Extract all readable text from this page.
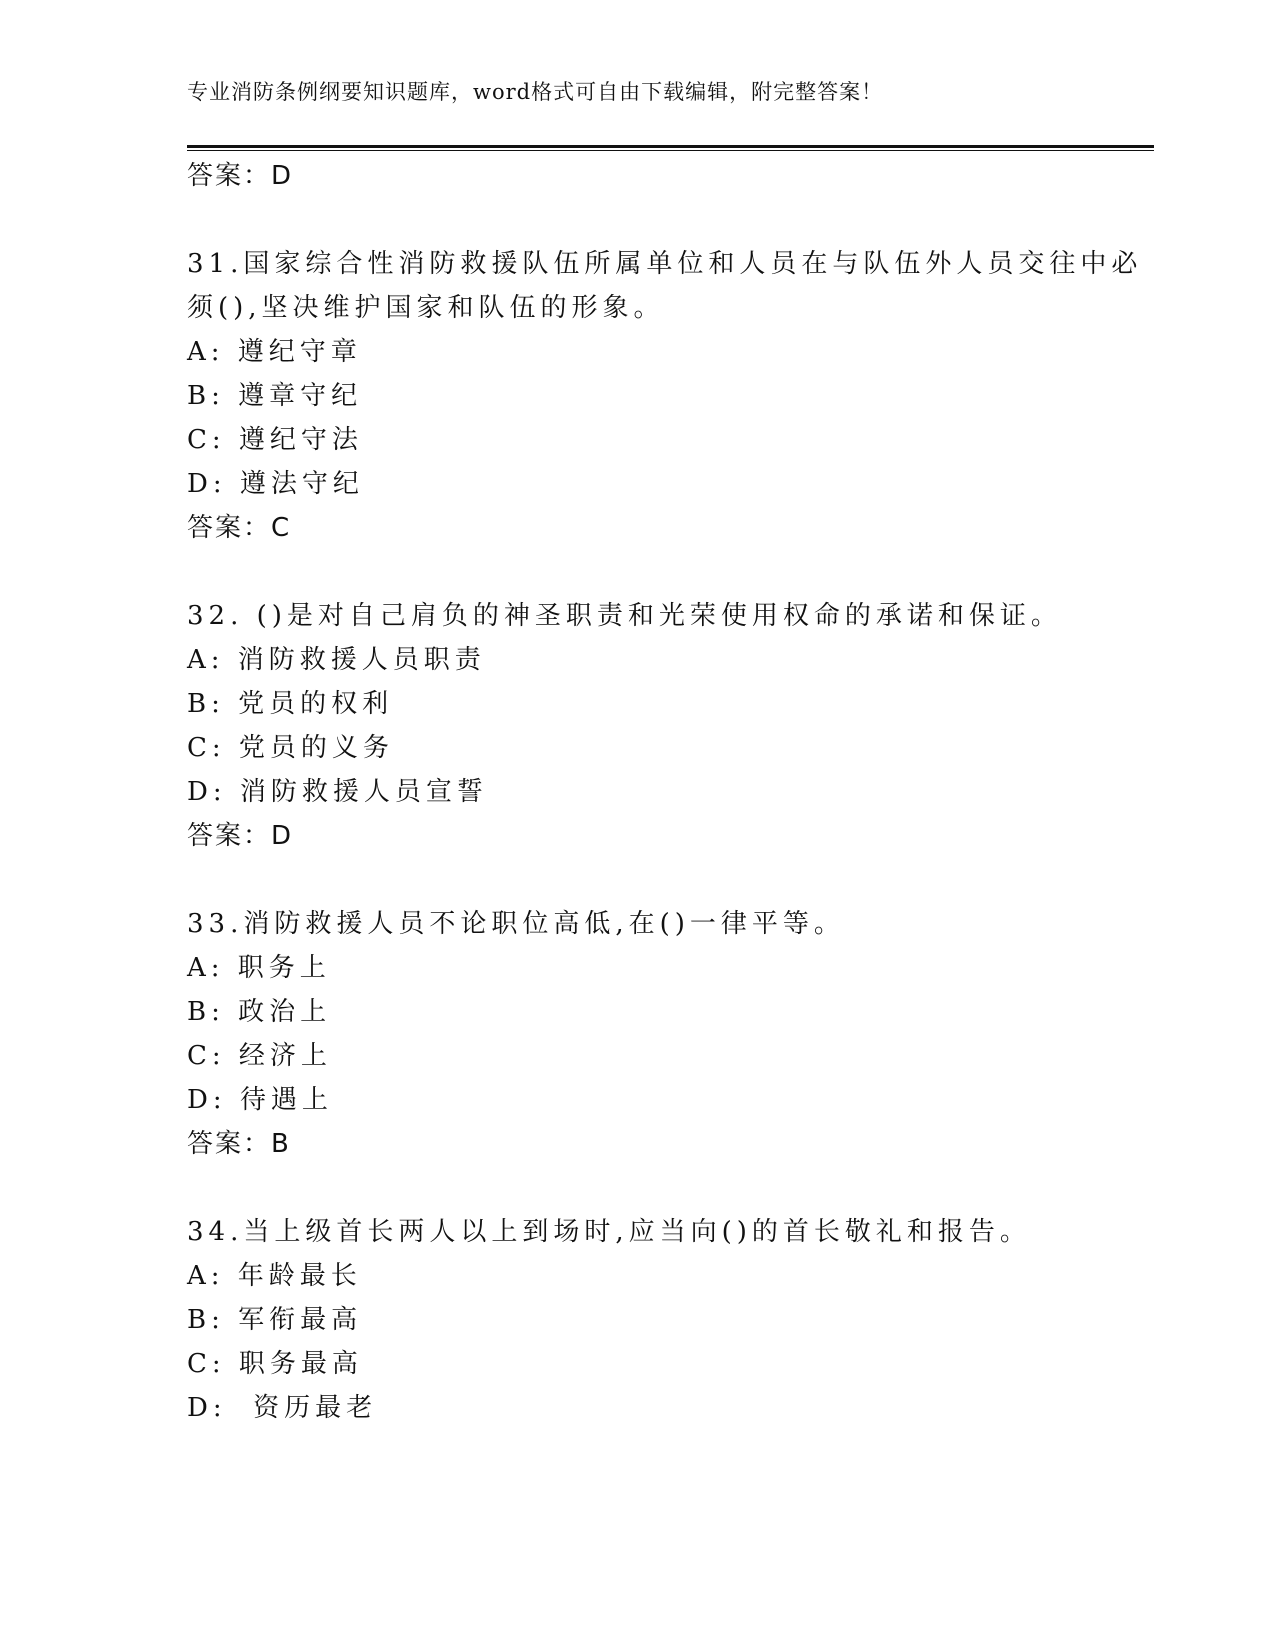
专业消防条例纲要知识题库，word格式可自由下载编辑，附完整答案！
答案：D
31.国家综合性消防救援队伍所属单位和人员在与队伍外人员交往中必
须(),坚决维护国家和队伍的形象。
A: 遵纪守章
B: 遵章守纪
C: 遵纪守法
D: 遵法守纪
答案：C
32. ()是对自己肩负的神圣职责和光荣使用权命的承诺和保证。
A: 消防救援人员职责
B: 党员的权利
C: 党员的义务
D: 消防救援人员宣誓
答案：D
33.消防救援人员不论职位高低,在()一律平等。
A: 职务上
B: 政治上
C: 经济上
D: 待遇上
答案：B
34.当上级首长两人以上到场时,应当向()的首长敬礼和报告。
A: 年龄最长
B: 军衔最高
C: 职务最高
D:  资历最老
